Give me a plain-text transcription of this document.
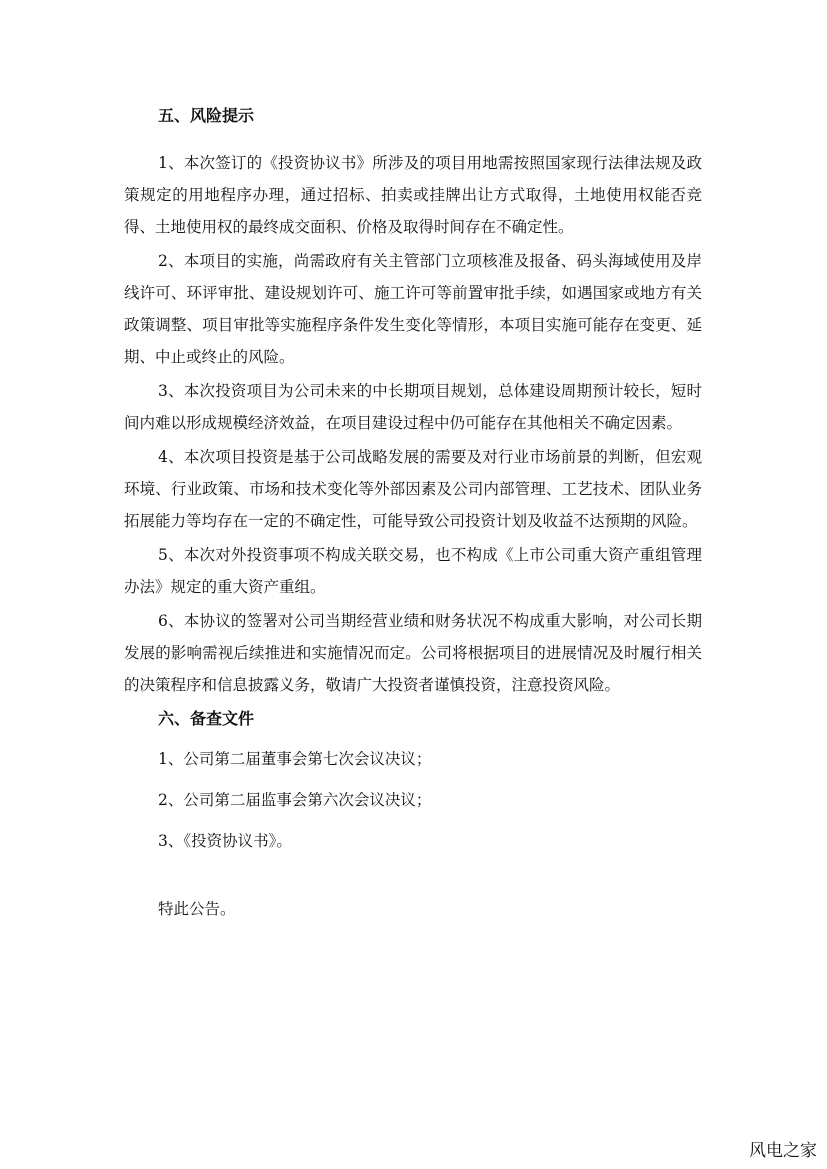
五、风险提示

1、本次签订的《投资协议书》所涉及的项目用地需按照国家现行法律法规及政策规定的用地程序办理，通过招标、拍卖或挂牌出让方式取得，土地使用权能否竞得、土地使用权的最终成交面积、价格及取得时间存在不确定性。

2、本项目的实施，尚需政府有关主管部门立项核准及报备、码头海域使用及岸线许可、环评审批、建设规划许可、施工许可等前置审批手续，如遇国家或地方有关政策调整、项目审批等实施程序条件发生变化等情形，本项目实施可能存在变更、延期、中止或终止的风险。

3、本次投资项目为公司未来的中长期项目规划，总体建设周期预计较长，短时间内难以形成规模经济效益，在项目建设过程中仍可能存在其他相关不确定因素。

4、本次项目投资是基于公司战略发展的需要及对行业市场前景的判断，但宏观环境、行业政策、市场和技术变化等外部因素及公司内部管理、工艺技术、团队业务拓展能力等均存在一定的不确定性，可能导致公司投资计划及收益不达预期的风险。

5、本次对外投资事项不构成关联交易，也不构成《上市公司重大资产重组管理办法》规定的重大资产重组。

6、本协议的签署对公司当期经营业绩和财务状况不构成重大影响，对公司长期发展的影响需视后续推进和实施情况而定。公司将根据项目的进展情况及时履行相关的决策程序和信息披露义务，敬请广大投资者谨慎投资，注意投资风险。

六、备查文件
1、公司第二届董事会第七次会议决议；
2、公司第二届监事会第六次会议决议；
3、《投资协议书》。
特此公告。
风电之家
